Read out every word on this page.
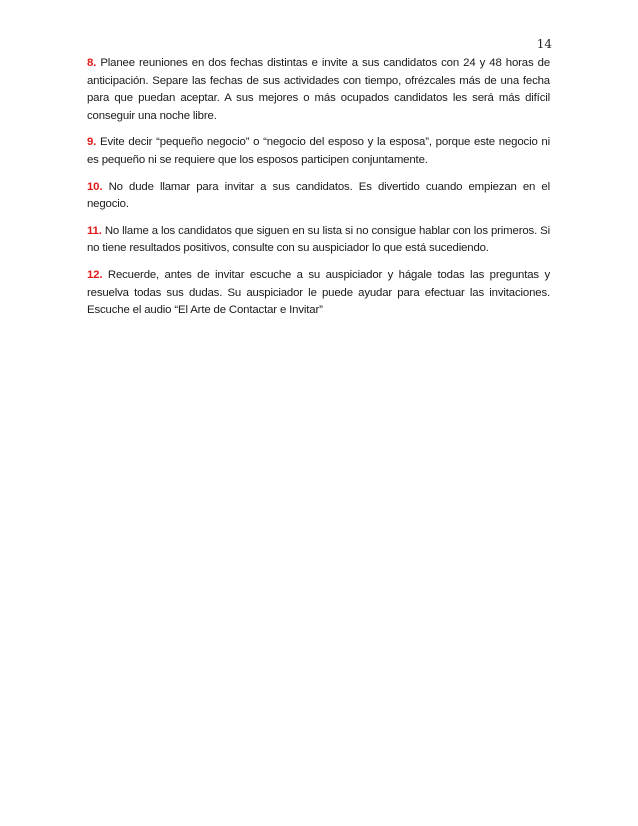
14

8. Planee reuniones en dos fechas distintas e invite a sus candidatos con 24 y 48 horas de anticipación. Separe las fechas de sus actividades con tiempo, ofrézcales más de una fecha para que puedan aceptar. A sus mejores o más ocupados candidatos les será más difícil conseguir una noche libre.

9. Evite decir “pequeño negocio” o “negocio del esposo y la esposa”, porque este negocio ni es pequeño ni se requiere que los esposos participen conjuntamente.

10. No dude llamar para invitar a sus candidatos. Es divertido cuando empiezan en el negocio.

11. No llame a los candidatos que siguen en su lista si no consigue hablar con los primeros. Si no tiene resultados positivos, consulte con su auspiciador lo que está sucediendo.

12. Recuerde, antes de invitar escuche a su auspiciador y hágale todas las preguntas y resuelva todas sus dudas. Su auspiciador le puede ayudar para efectuar las invitaciones. Escuche el audio “El Arte de Contactar e Invitar”
